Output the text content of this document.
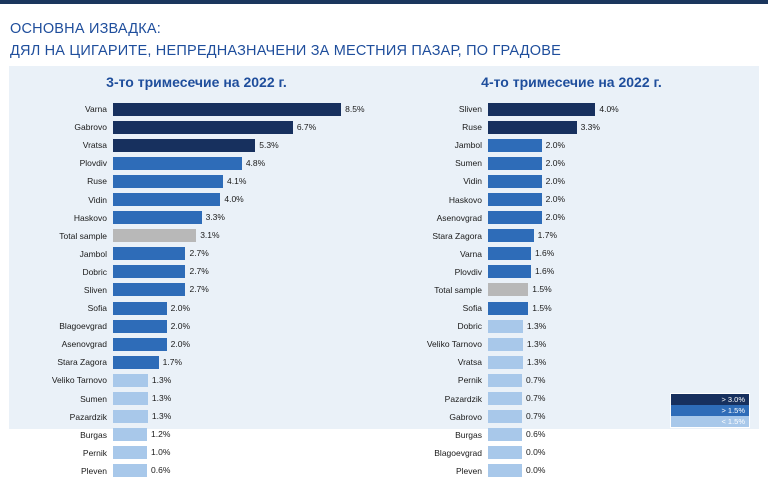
ОСНОВНА ИЗВАДКА:
ДЯЛ НА ЦИГАРИТЕ, НЕПРЕДНАЗНАЧЕНИ ЗА МЕСТНИЯ ПАЗАР, ПО ГРАДОВЕ
3-то тримесечие на 2022 г.
Varna	8.5%
Gabrovo	6.7%
Vratsa	5.3%
Plovdiv	4.8%
Ruse	4.1%
Vidin	4.0%
Haskovo	3.3%
Total sample	3.1%
Jambol	2.7%
Dobric	2.7%
Sliven	2.7%
Sofia	2.0%
Blagoevgrad	2.0%
Asenovgrad	2.0%
Stara Zagora	1.7%
Veliko Tarnovo	1.3%
Sumen	1.3%
Pazardzik	1.3%
Burgas	1.2%
Pernik	1.0%
Pleven	0.6%
4-то тримесечие на 2022 г.
Sliven	4.0%
Ruse	3.3%
Jambol	2.0%
Sumen	2.0%
Vidin	2.0%
Haskovo	2.0%
Asenovgrad	2.0%
Stara Zagora	1.7%
Varna	1.6%
Plovdiv	1.6%
Total sample	1.5%
Sofia	1.5%
Dobric	1.3%
Veliko Tarnovo	1.3%
Vratsa	1.3%
Pernik	0.7%
Pazardzik	0.7%
Gabrovo	0.7%
Burgas	0.6%
Blagoevgrad	0.0%
Pleven	0.0%
> 3.0%
> 1.5%
< 1.5%
